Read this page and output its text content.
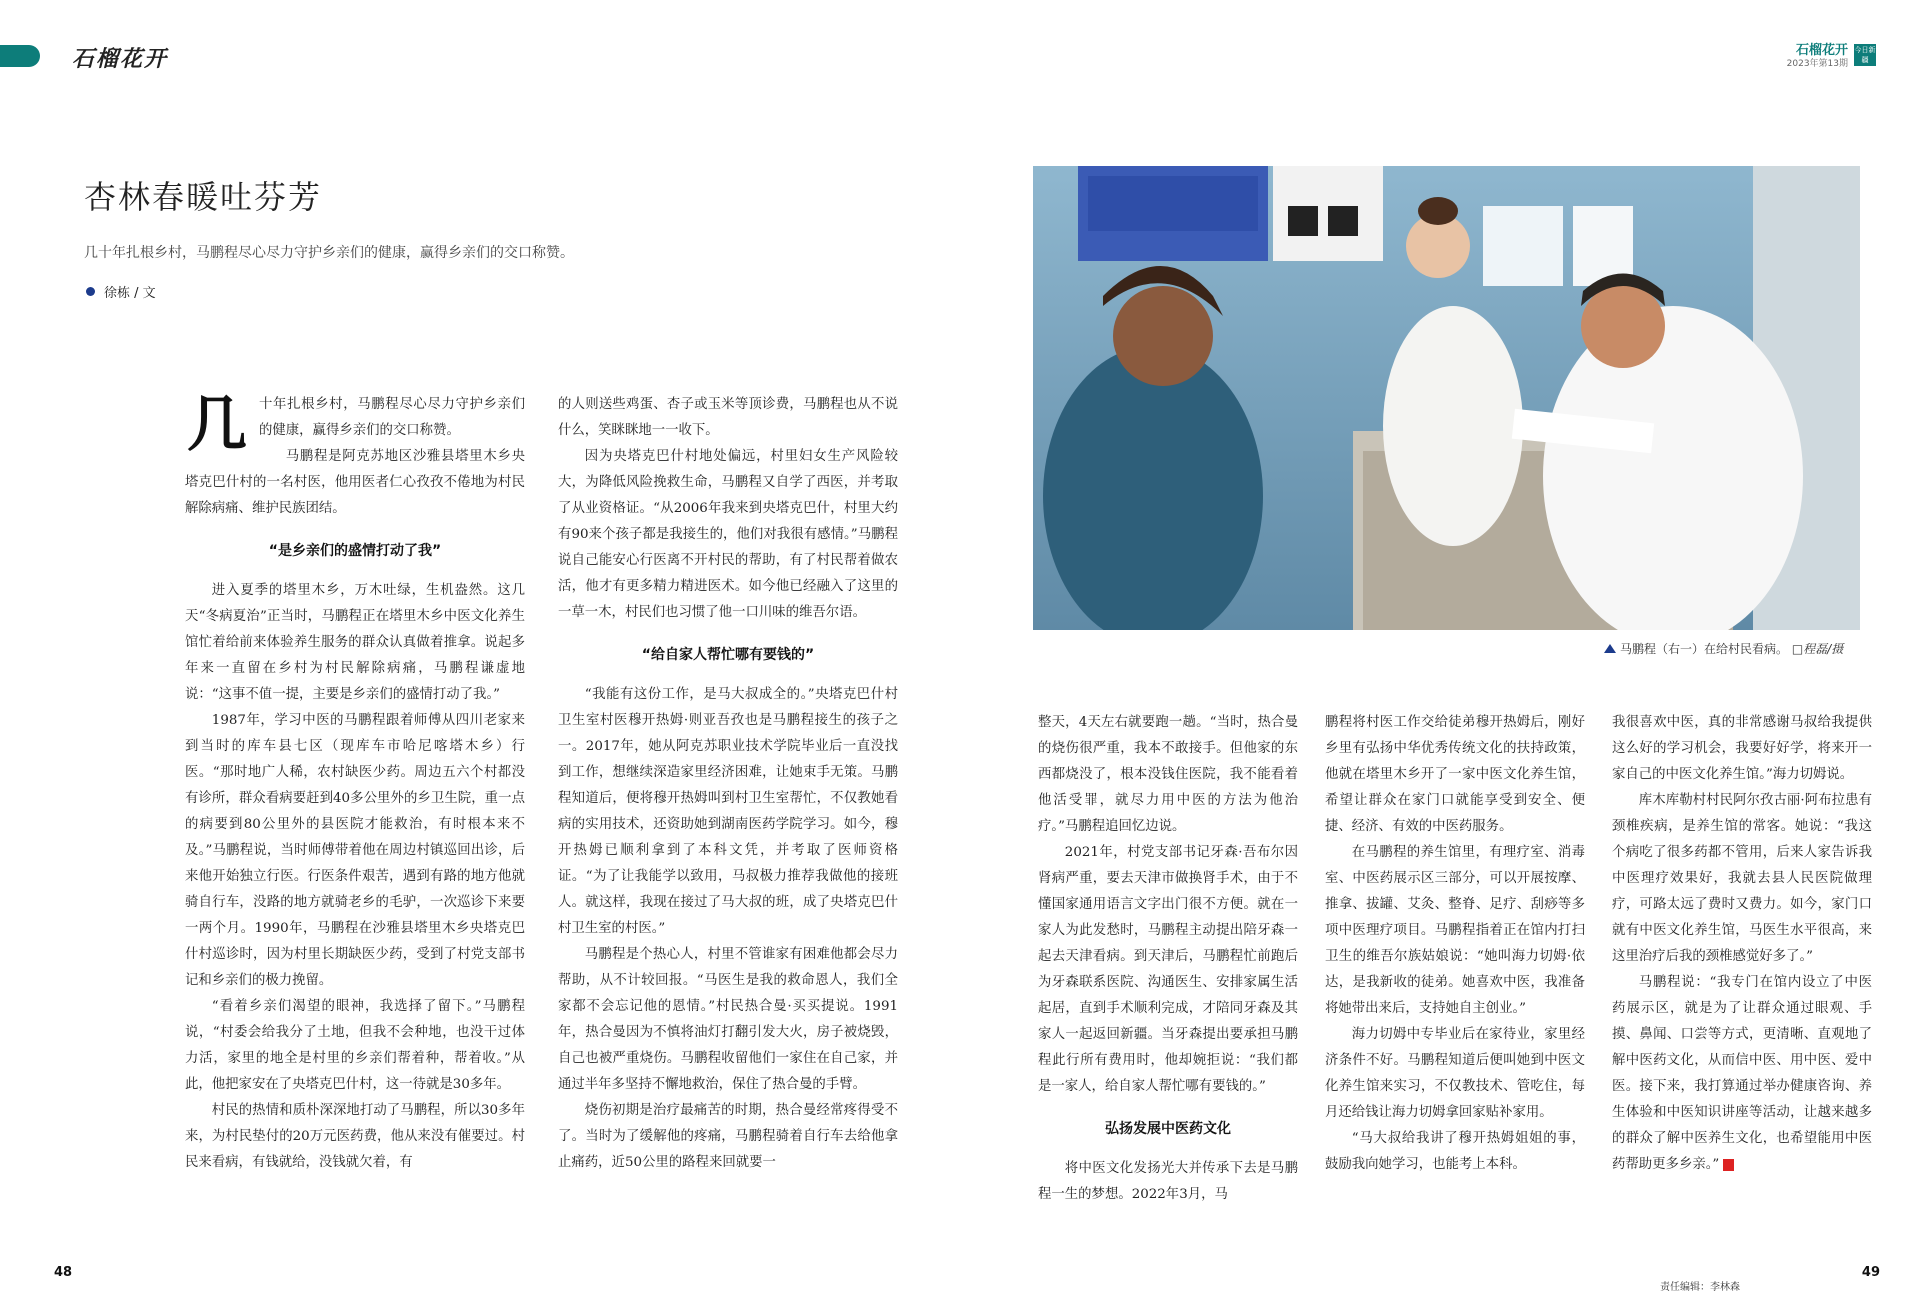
石榴花开	石榴花开
2023年第13期
今日新疆
杏林春暖吐芬芳
几十年扎根乡村，马鹏程尽心尽力守护乡亲们的健康，赢得乡亲们的交口称赞。
徐栋 / 文
几 十年扎根乡村，马鹏程尽心尽力守护乡亲们的健康，赢得乡亲们的交口称赞。

马鹏程是阿克苏地区沙雅县塔里木乡央塔克巴什村的一名村医，他用医者仁心孜孜不倦地为村民解除病痛、维护民族团结。

“是乡亲们的盛情打动了我”

进入夏季的塔里木乡，万木吐绿，生机盎然。这几天“冬病夏治”正当时，马鹏程正在塔里木乡中医文化养生馆忙着给前来体验养生服务的群众认真做着推拿。说起多年来一直留在乡村为村民解除病痛，马鹏程谦虚地说：“这事不值一提，主要是乡亲们的盛情打动了我。”

1987年，学习中医的马鹏程跟着师傅从四川老家来到当时的库车县七区（现库车市哈尼喀塔木乡）行医。“那时地广人稀，农村缺医少药。周边五六个村都没有诊所，群众看病要赶到40多公里外的乡卫生院，重一点的病要到80公里外的县医院才能救治，有时根本来不及。”马鹏程说，当时师傅带着他在周边村镇巡回出诊，后来他开始独立行医。行医条件艰苦，遇到有路的地方他就骑自行车，没路的地方就骑老乡的毛驴，一次巡诊下来要一两个月。1990年，马鹏程在沙雅县塔里木乡央塔克巴什村巡诊时，因为村里长期缺医少药，受到了村党支部书记和乡亲们的极力挽留。

“看着乡亲们渴望的眼神，我选择了留下。”马鹏程说，“村委会给我分了土地，但我不会种地，也没干过体力活，家里的地全是村里的乡亲们帮着种，帮着收。”从此，他把家安在了央塔克巴什村，这一待就是30多年。

村民的热情和质朴深深地打动了马鹏程，所以30多年来，为村民垫付的20万元医药费，他从来没有催要过。村民来看病，有钱就给，没钱就欠着，有

的人则送些鸡蛋、杏子或玉米等顶诊费，马鹏程也从不说什么，笑眯眯地一一收下。

因为央塔克巴什村地处偏远，村里妇女生产风险较大，为降低风险挽救生命，马鹏程又自学了西医，并考取了从业资格证。“从2006年我来到央塔克巴什，村里大约有90来个孩子都是我接生的，他们对我很有感情。”马鹏程说自己能安心行医离不开村民的帮助，有了村民帮着做农活，他才有更多精力精进医术。如今他已经融入了这里的一草一木，村民们也习惯了他一口川味的维吾尔语。

“给自家人帮忙哪有要钱的”

“我能有这份工作，是马大叔成全的。”央塔克巴什村卫生室村医穆开热姆·则亚吾孜也是马鹏程接生的孩子之一。2017年，她从阿克苏职业技术学院毕业后一直没找到工作，想继续深造家里经济困难，让她束手无策。马鹏程知道后，便将穆开热姆叫到村卫生室帮忙，不仅教她看病的实用技术，还资助她到湖南医药学院学习。如今，穆开热姆已顺利拿到了本科文凭，并考取了医师资格证。“为了让我能学以致用，马叔极力推荐我做他的接班人。就这样，我现在接过了马大叔的班，成了央塔克巴什村卫生室的村医。”

马鹏程是个热心人，村里不管谁家有困难他都会尽力帮助，从不计较回报。“马医生是我的救命恩人，我们全家都不会忘记他的恩情。”村民热合曼·买买提说。1991年，热合曼因为不慎将油灯打翻引发大火，房子被烧毁，自己也被严重烧伤。马鹏程收留他们一家住在自己家，并通过半年多坚持不懈地救治，保住了热合曼的手臂。

烧伤初期是治疗最痛苦的时期，热合曼经常疼得受不了。当时为了缓解他的疼痛，马鹏程骑着自行车去给他拿止痛药，近50公里的路程来回就要一

马鹏程（右一）在给村民看病。 □程磊/摄

整天，4天左右就要跑一趟。“当时，热合曼的烧伤很严重，我本不敢接手。但他家的东西都烧没了，根本没钱住医院，我不能看着他活受罪，就尽力用中医的方法为他治疗。”马鹏程追回忆边说。

2021年，村党支部书记牙森·吾布尔因肾病严重，要去天津市做换肾手术，由于不懂国家通用语言文字出门很不方便。就在一家人为此发愁时，马鹏程主动提出陪牙森一起去天津看病。到天津后，马鹏程忙前跑后为牙森联系医院、沟通医生、安排家属生活起居，直到手术顺利完成，才陪同牙森及其家人一起返回新疆。当牙森提出要承担马鹏程此行所有费用时，他却婉拒说：“我们都是一家人，给自家人帮忙哪有要钱的。”

弘扬发展中医药文化

将中医文化发扬光大并传承下去是马鹏程一生的梦想。2022年3月，马

鹏程将村医工作交给徒弟穆开热姆后，刚好乡里有弘扬中华优秀传统文化的扶持政策，他就在塔里木乡开了一家中医文化养生馆，希望让群众在家门口就能享受到安全、便捷、经济、有效的中医药服务。

在马鹏程的养生馆里，有理疗室、消毒室、中医药展示区三部分，可以开展按摩、推拿、拔罐、艾灸、整脊、足疗、刮痧等多项中医理疗项目。马鹏程指着正在馆内打扫卫生的维吾尔族姑娘说：“她叫海力切姆·依达，是我新收的徒弟。她喜欢中医，我准备将她带出来后，支持她自主创业。”

海力切姆中专毕业后在家待业，家里经济条件不好。马鹏程知道后便叫她到中医文化养生馆来实习，不仅教技术、管吃住，每月还给钱让海力切姆拿回家贴补家用。

“马大叔给我讲了穆开热姆姐姐的事，鼓励我向她学习，也能考上本科。

我很喜欢中医，真的非常感谢马叔给我提供这么好的学习机会，我要好好学，将来开一家自己的中医文化养生馆。”海力切姆说。

库木库勒村村民阿尔孜古丽·阿布拉患有颈椎疾病，是养生馆的常客。她说：“我这个病吃了很多药都不管用，后来人家告诉我中医理疗效果好，我就去县人民医院做理疗，可路太远了费时又费力。如今，家门口就有中医文化养生馆，马医生水平很高，来这里治疗后我的颈椎感觉好多了。”

马鹏程说：“我专门在馆内设立了中医药展示区，就是为了让群众通过眼观、手摸、鼻闻、口尝等方式，更清晰、直观地了解中医药文化，从而信中医、用中医、爱中医。接下来，我打算通过举办健康咨询、养生体验和中医知识讲座等活动，让越来越多的群众了解中医养生文化，也希望能用中医药帮助更多乡亲。”

48	49
责任编辑：李林森
